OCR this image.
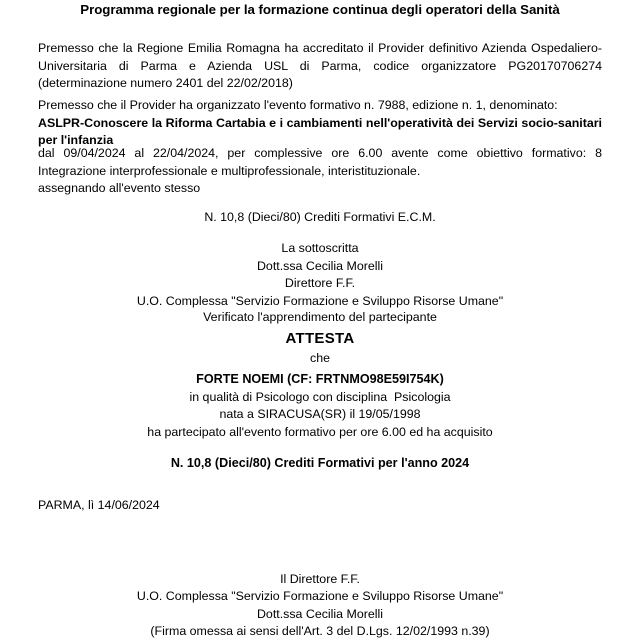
Programma regionale per la formazione continua degli operatori della Sanità
Premesso che la Regione Emilia Romagna ha accreditato il Provider definitivo Azienda Ospedaliero-Universitaria di Parma e Azienda USL di Parma, codice organizzatore PG20170706274 (determinazione numero 2401 del 22/02/2018)
Premesso che il Provider ha organizzato l'evento formativo n. 7988, edizione n. 1, denominato:
ASLPR-Conoscere la Riforma Cartabia e i cambiamenti nell'operatività dei Servizi socio-sanitari per l'infanzia
dal 09/04/2024 al 22/04/2024, per complessive ore 6.00 avente come obiettivo formativo: 8 Integrazione interprofessionale e multiprofessionale, interistituzionale.
assegnando all'evento stesso
N. 10,8 (Dieci/80) Crediti Formativi E.C.M.
La sottoscritta
Dott.ssa Cecilia Morelli
Direttore F.F.
U.O. Complessa "Servizio Formazione e Sviluppo Risorse Umane"
Verificato l'apprendimento del partecipante
ATTESTA
che
FORTE NOEMI (CF: FRTNMO98E59I754K)
in qualità di Psicologo con disciplina  Psicologia
nata a SIRACUSA(SR) il 19/05/1998
ha partecipato all'evento formativo per ore 6.00 ed ha acquisito
N. 10,8 (Dieci/80) Crediti Formativi per l'anno 2024
PARMA, lì 14/06/2024
Il Direttore F.F.
U.O. Complessa "Servizio Formazione e Sviluppo Risorse Umane"
Dott.ssa Cecilia Morelli
(Firma omessa ai sensi dell'Art. 3 del D.Lgs. 12/02/1993 n.39)
